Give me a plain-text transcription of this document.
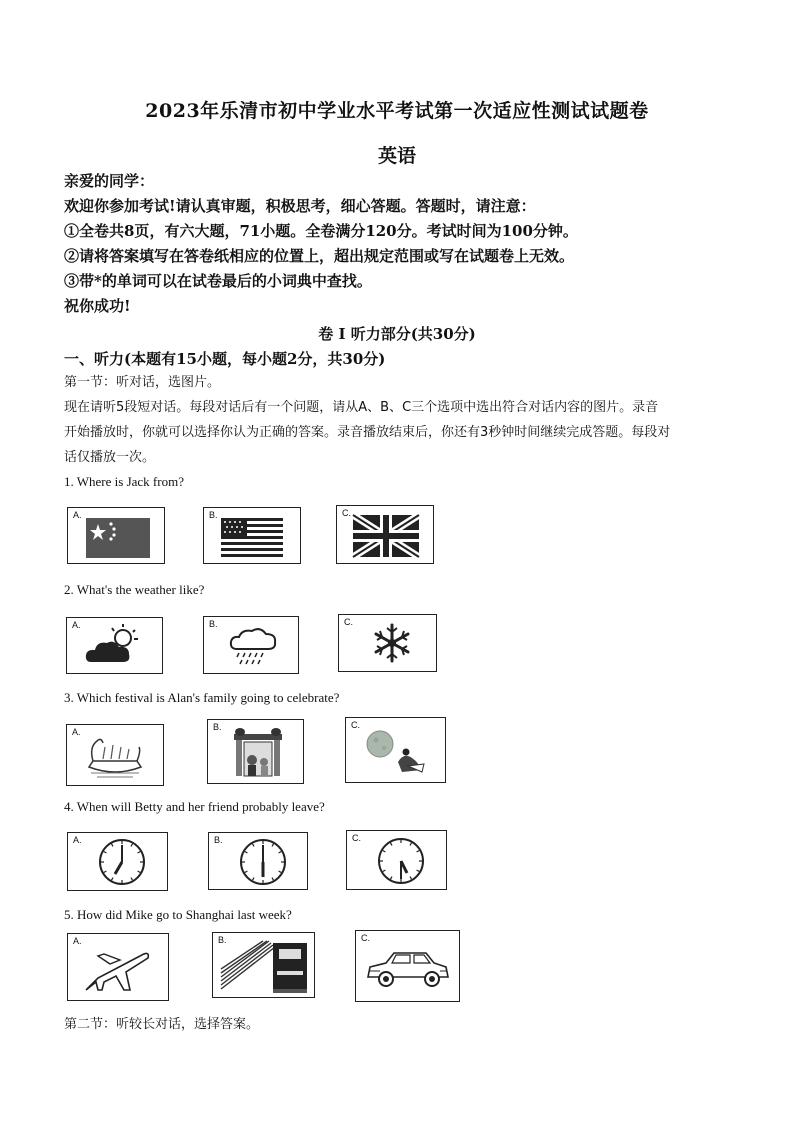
2023年乐清市初中学业水平考试第一次适应性测试试题卷
英语
亲爱的同学：
欢迎你参加考试!请认真审题，积极思考，细心答题。答题时，请注意：
①全卷共8页，有六大题，71小题。全卷满分120分。考试时间为100分钟。
②请将答案填写在答卷纸相应的位置上，超出规定范围或写在试题卷上无效。
③带*的单词可以在试卷最后的小词典中查找。
祝你成功!
卷 I 听力部分(共30分)
一、听力(本题有15小题，每小题2分，共30分)
第一节：听对话，选图片。
现在请听5段短对话。每段对话后有一个问题，请从A、B、C三个选项中选出符合对话内容的图片。录音
开始播放时，你就可以选择你认为正确的答案。录音播放结束后，你还有3秒钟时间继续完成答题。每段对
话仅播放一次。
1. Where is Jack from?
A.	B.	C.
2. What's the weather like?
A.	B.	C.
3. Which festival is Alan's family going to celebrate?
A.	B.	C.
4. When will Betty and her friend probably leave?
A.	B.	C.
5. How did Mike go to Shanghai last week?
A.	B.	C.
第二节：听较长对话，选择答案。
